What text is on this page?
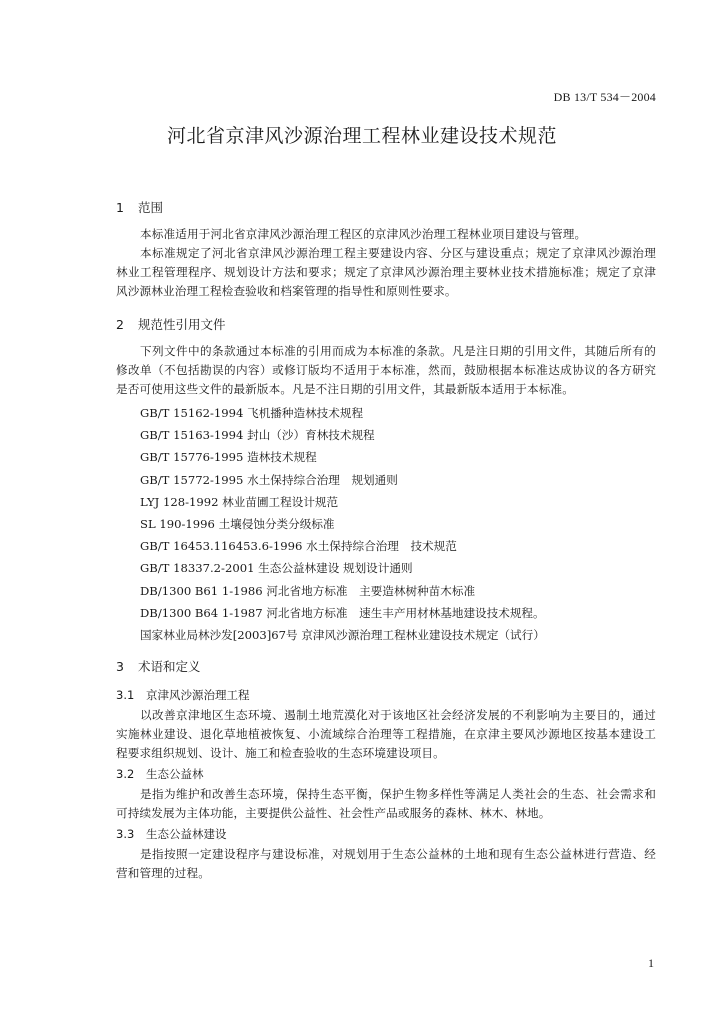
DB 13/T 534－2004
河北省京津风沙源治理工程林业建设技术规范
1 范围

本标准适用于河北省京津风沙源治理工程区的京津风沙治理工程林业项目建设与管理。

本标准规定了河北省京津风沙源治理工程主要建设内容、分区与建设重点；规定了京津风沙源治理林业工程管理程序、规划设计方法和要求；规定了京津风沙源治理主要林业技术措施标准；规定了京津风沙源林业治理工程检查验收和档案管理的指导性和原则性要求。

2 规范性引用文件

下列文件中的条款通过本标准的引用而成为本标准的条款。凡是注日期的引用文件，其随后所有的修改单（不包括勘误的内容）或修订版均不适用于本标准，然而，鼓励根据本标准达成协议的各方研究是否可使用这些文件的最新版本。凡是不注日期的引用文件，其最新版本适用于本标准。

GB/T 15162-1994 飞机播种造林技术规程

GB/T 15163-1994 封山（沙）育林技术规程

GB/T 15776-1995 造林技术规程

GB/T 15772-1995 水土保持综合治理　规划通则

LYJ 128-1992 林业苗圃工程设计规范

SL 190-1996 土壤侵蚀分类分级标准

GB/T 16453.116453.6-1996 水土保持综合治理　技术规范

GB/T 18337.2-2001 生态公益林建设 规划设计通则

DB/1300 B61 1-1986 河北省地方标准　主要造林树种苗木标准

DB/1300 B64 1-1987 河北省地方标准　速生丰产用材林基地建设技术规程。

国家林业局林沙发[2003]67号 京津风沙源治理工程林业建设技术规定（试行）

3 术语和定义
3.1 京津风沙源治理工程

以改善京津地区生态环境、遏制土地荒漠化对于该地区社会经济发展的不利影响为主要目的，通过实施林业建设、退化草地植被恢复、小流域综合治理等工程措施，在京津主要风沙源地区按基本建设工程要求组织规划、设计、施工和检查验收的生态环境建设项目。

3.2 生态公益林

是指为维护和改善生态环境，保持生态平衡，保护生物多样性等满足人类社会的生态、社会需求和可持续发展为主体功能，主要提供公益性、社会性产品或服务的森林、林木、林地。

3.3 生态公益林建设

是指按照一定建设程序与建设标准，对规划用于生态公益林的土地和现有生态公益林进行营造、经营和管理的过程。

1
